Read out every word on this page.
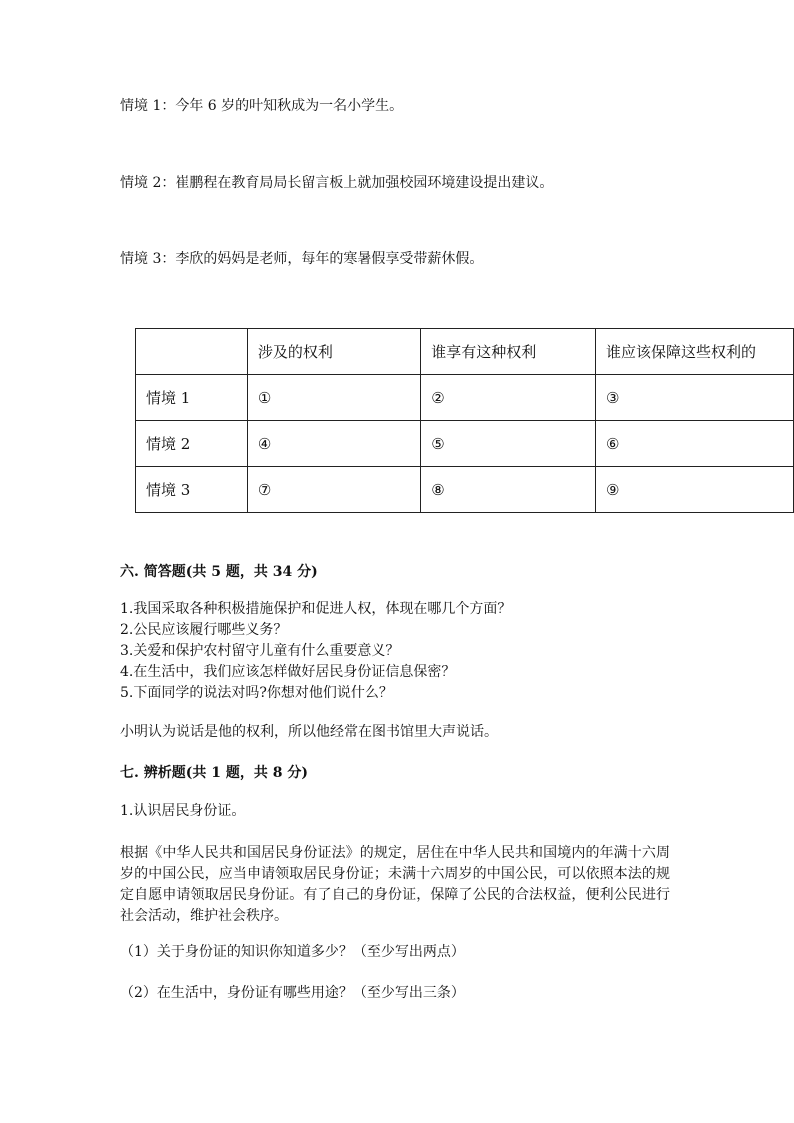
情境 1：今年 6 岁的叶知秋成为一名小学生。
情境 2：崔鹏程在教育局局长留言板上就加强校园环境建设提出建议。
情境 3：李欣的妈妈是老师，每年的寒暑假享受带薪休假。
	涉及的权利	谁享有这种权利	谁应该保障这些权利的
情境 1	①	②	③
情境 2	④	⑤	⑥
情境 3	⑦	⑧	⑨
六. 简答题(共 5 题，共 34 分)
1.我国采取各种积极措施保护和促进人权，体现在哪几个方面？
2.公民应该履行哪些义务？
3.关爱和保护农村留守儿童有什么重要意义？
4.在生活中，我们应该怎样做好居民身份证信息保密？
5.下面同学的说法对吗?你想对他们说什么？
小明认为说话是他的权利，所以他经常在图书馆里大声说话。
七. 辨析题(共 1 题，共 8 分)
1.认识居民身份证。
根据《中华人民共和国居民身份证法》的规定，居住在中华人民共和国境内的年满十六周岁的中国公民，应当申请领取居民身份证；未满十六周岁的中国公民，可以依照本法的规定自愿申请领取居民身份证。有了自己的身份证，保障了公民的合法权益，便利公民进行社会活动，维护社会秩序。
（1）关于身份证的知识你知道多少？（至少写出两点）
（2）在生活中，身份证有哪些用途？（至少写出三条）
